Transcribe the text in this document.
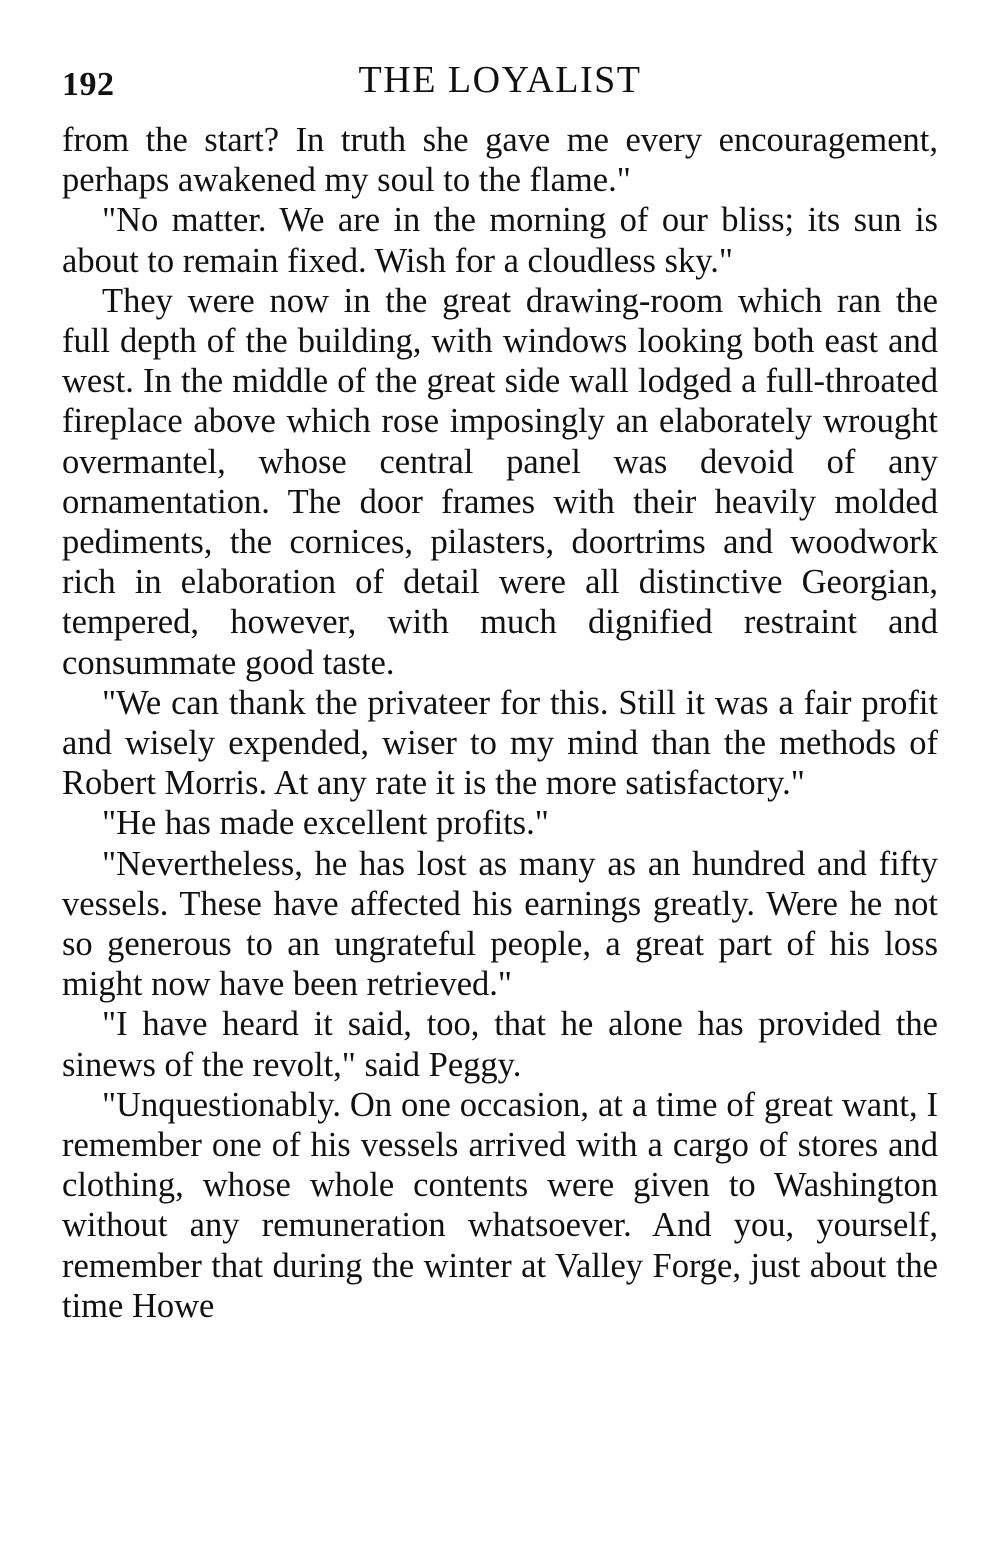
192	THE LOYALIST

from the start? In truth she gave me every encouragement, perhaps awakened my soul to the flame."

"No matter. We are in the morning of our bliss; its sun is about to remain fixed. Wish for a cloudless sky."

They were now in the great drawing-room which ran the full depth of the building, with windows looking both east and west. In the middle of the great side wall lodged a full-throated fireplace above which rose imposingly an elaborately wrought overmantel, whose central panel was devoid of any ornamentation. The door frames with their heavily molded pediments, the cornices, pilasters, doortrims and woodwork rich in elaboration of detail were all distinctive Georgian, tempered, however, with much dignified restraint and consummate good taste.

"We can thank the privateer for this. Still it was a fair profit and wisely expended, wiser to my mind than the methods of Robert Morris. At any rate it is the more satisfactory."

"He has made excellent profits."

"Nevertheless, he has lost as many as an hundred and fifty vessels. These have affected his earnings greatly. Were he not so generous to an ungrateful people, a great part of his loss might now have been retrieved."

"I have heard it said, too, that he alone has provided the sinews of the revolt," said Peggy.

"Unquestionably. On one occasion, at a time of great want, I remember one of his vessels arrived with a cargo of stores and clothing, whose whole contents were given to Washington without any remuneration whatsoever. And you, yourself, remember that during the winter at Valley Forge, just about the time Howe
